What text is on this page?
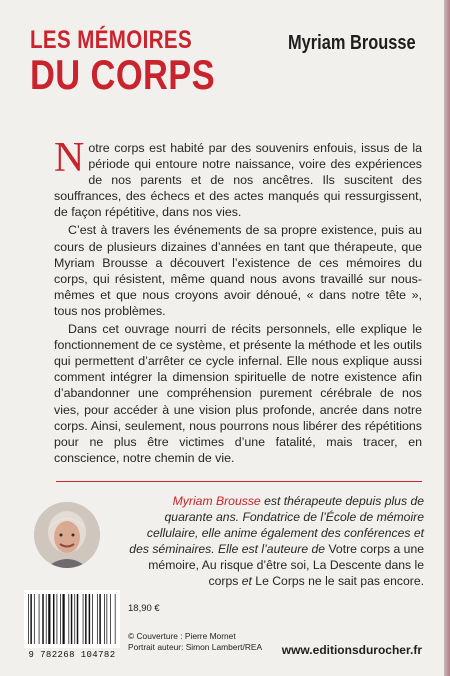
LES MÉMOIRES
DU CORPS
Myriam Brousse

Notre corps est habité par des souvenirs enfouis, issus de la période qui entoure notre naissance, voire des expériences de nos parents et de nos ancêtres. Ils suscitent des souffrances, des échecs et des actes manqués qui ressurgissent, de façon répétitive, dans nos vies.

C’est à travers les événements de sa propre existence, puis au cours de plusieurs dizaines d’années en tant que thérapeute, que Myriam Brousse a découvert l’existence de ces mémoires du corps, qui résistent, même quand nous avons travaillé sur nous-mêmes et que nous croyons avoir dénoué, « dans notre tête », tous nos problèmes.

Dans cet ouvrage nourri de récits personnels, elle explique le fonctionnement de ce système, et présente la méthode et les outils qui permettent d’arrêter ce cycle infernal. Elle nous explique aussi comment intégrer la dimension spirituelle de notre existence afin d’abandonner une compréhension purement cérébrale de nos vies, pour accéder à une vision plus profonde, ancrée dans notre corps. Ainsi, seulement, nous pourrons nous libérer des répétitions pour ne plus être victimes d’une fatalité, mais tracer, en conscience, notre chemin de vie.

Myriam Brousse est thérapeute depuis plus de quarante ans. Fondatrice de l’École de mémoire cellulaire, elle anime également des conférences et des séminaires. Elle est l’auteure de Votre corps a une mémoire, Au risque d’être soi, La Descente dans le corps et Le Corps ne le sait pas encore.
9 782268 104782
18,90 €
© Couverture : Pierre Mornet
Portrait auteur: Simon Lambert/REA www.editionsdurocher.fr
